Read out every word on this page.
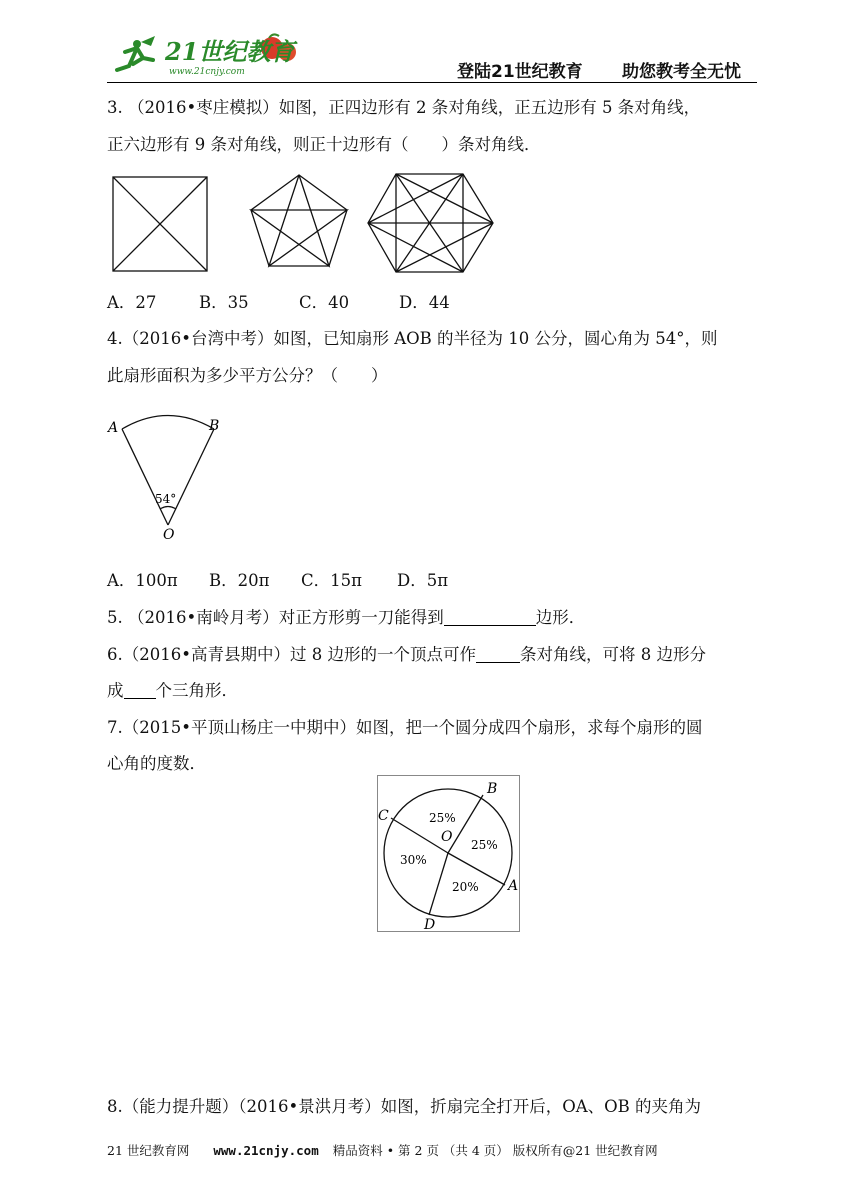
21世纪教育
www.21cnjy.com	登陆21世纪教育 助您教考全无忧
3. （2016•枣庄模拟）如图，正四边形有 2 条对角线，正五边形有 5 条对角线，
正六边形有 9 条对角线，则正十边形有（　　）条对角线．
A．27	B．35	C．40	D．44
4.（2016•台湾中考）如图，已知扇形 AOB 的半径为 10 公分，圆心角为 54°，则
此扇形面积为多少平方公分？（　　）
A	B
54°
O
A．100π B．20π C．15π D．5π
5. （2016•南岭月考）对正方形剪一刀能得到	边形．
6.（2016•高青县期中）过 8 边形的一个顶点可作	条对角线，可将 8 边形分
成 个三角形．
7.（2015•平顶山杨庄一中期中）如图，把一个圆分成四个扇形，求每个扇形的圆
心角的度数．
B
A
C
D
O
25%
25%
20%
30%
8.（能力提升题）（2016•景洪月考）如图，折扇完全打开后，OA、OB 的夹角为
21 世纪教育网 www.21cnjy.com 精品资料 • 第 2 页 （共 4 页） 版权所有@21 世纪教育网
